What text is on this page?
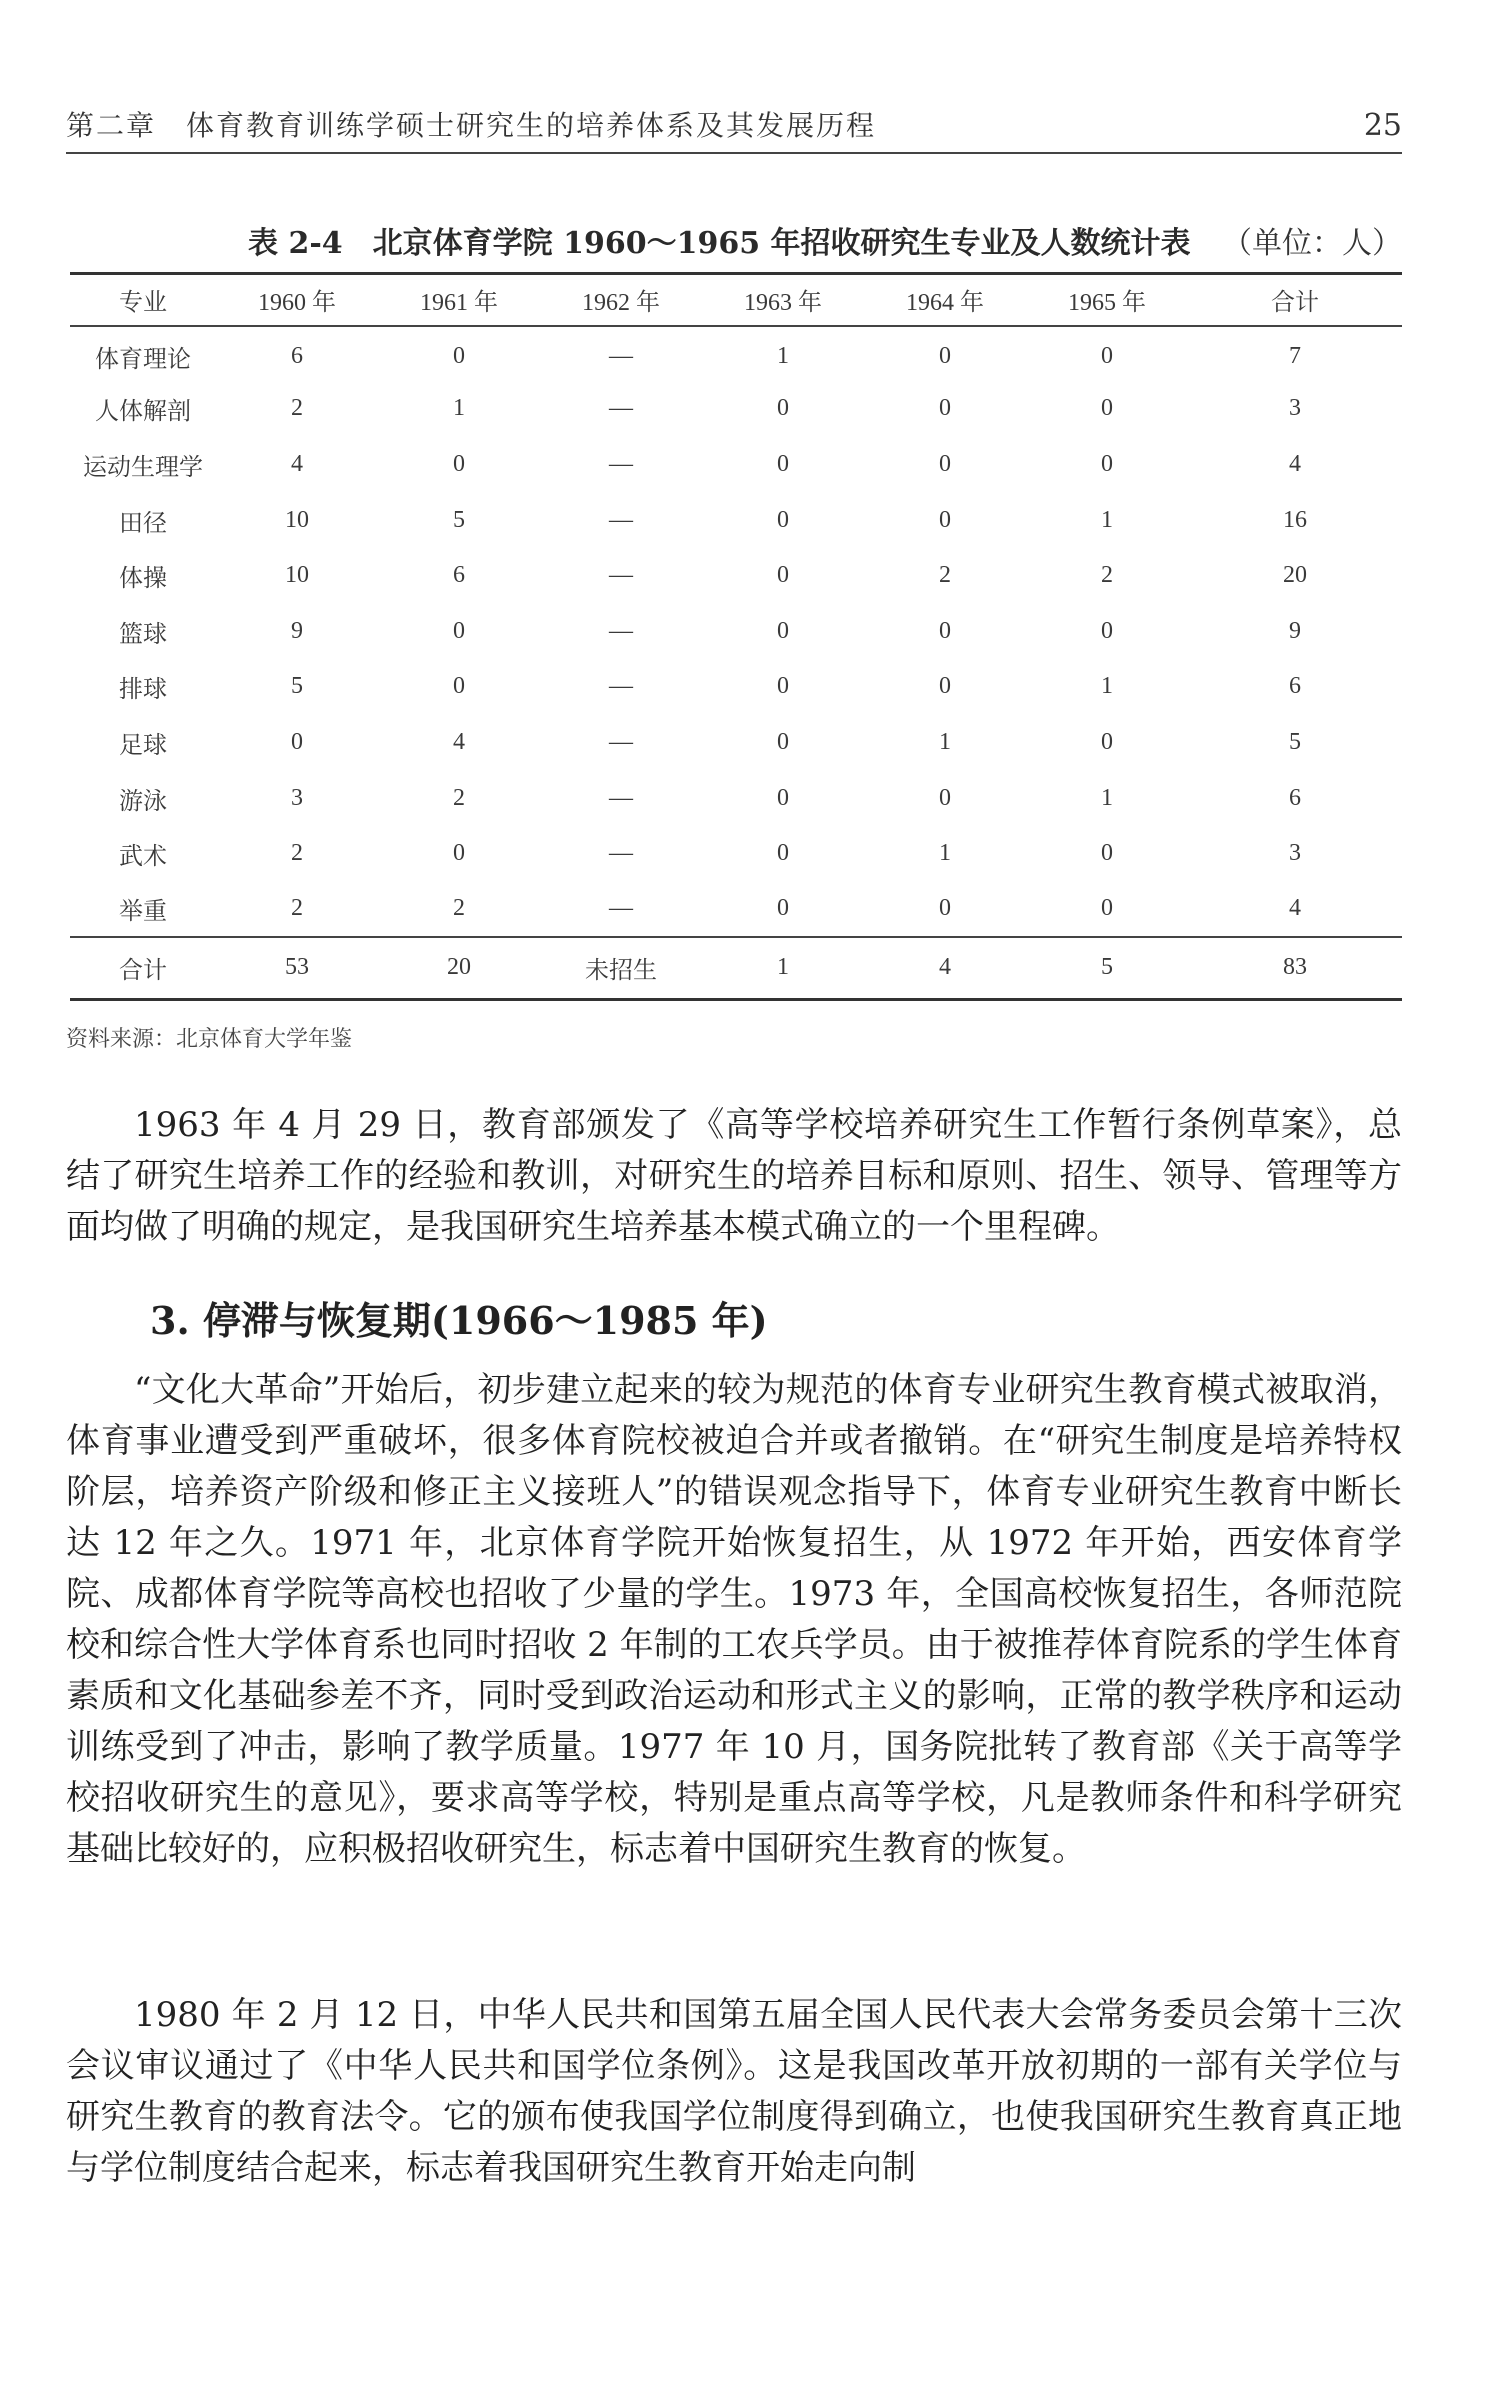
第二章　体育教育训练学硕士研究生的培养体系及其发展历程	25
表 2-4　北京体育学院 1960～1965 年招收研究生专业及人数统计表 （单位：人）
专业	1960 年	1961 年	1962 年	1963 年	1964 年	1965 年	合计
体育理论	6	0	—	1	0	0	7
人体解剖	2	1	—	0	0	0	3
运动生理学	4	0	—	0	0	0	4
田径	10	5	—	0	0	1	16
体操	10	6	—	0	2	2	20
篮球	9	0	—	0	0	0	9
排球	5	0	—	0	0	1	6
足球	0	4	—	0	1	0	5
游泳	3	2	—	0	0	1	6
武术	2	0	—	0	1	0	3
举重	2	2	—	0	0	0	4
合计	53	20	未招生	1	4	5	83
资料来源：北京体育大学年鉴

1963 年 4 月 29 日，教育部颁发了《高等学校培养研究生工作暂行条例草案》，总结了研究生培养工作的经验和教训，对研究生的培养目标和原则、招生、领导、管理等方面均做了明确的规定，是我国研究生培养基本模式确立的一个里程碑。

3. 停滞与恢复期(1966～1985 年)

“文化大革命”开始后，初步建立起来的较为规范的体育专业研究生教育模式被取消，体育事业遭受到严重破坏，很多体育院校被迫合并或者撤销。在“研究生制度是培养特权阶层，培养资产阶级和修正主义接班人”的错误观念指导下，体育专业研究生教育中断长达 12 年之久。1971 年，北京体育学院开始恢复招生，从 1972 年开始，西安体育学院、成都体育学院等高校也招收了少量的学生。1973 年，全国高校恢复招生，各师范院校和综合性大学体育系也同时招收 2 年制的工农兵学员。由于被推荐体育院系的学生体育素质和文化基础参差不齐，同时受到政治运动和形式主义的影响，正常的教学秩序和运动训练受到了冲击，影响了教学质量。1977 年 10 月，国务院批转了教育部《关于高等学校招收研究生的意见》，要求高等学校，特别是重点高等学校，凡是教师条件和科学研究基础比较好的，应积极招收研究生，标志着中国研究生教育的恢复。

1980 年 2 月 12 日，中华人民共和国第五届全国人民代表大会常务委员会第十三次会议审议通过了《中华人民共和国学位条例》。这是我国改革开放初期的一部有关学位与研究生教育的教育法令。它的颁布使我国学位制度得到确立，也使我国研究生教育真正地与学位制度结合起来，标志着我国研究生教育开始走向制
